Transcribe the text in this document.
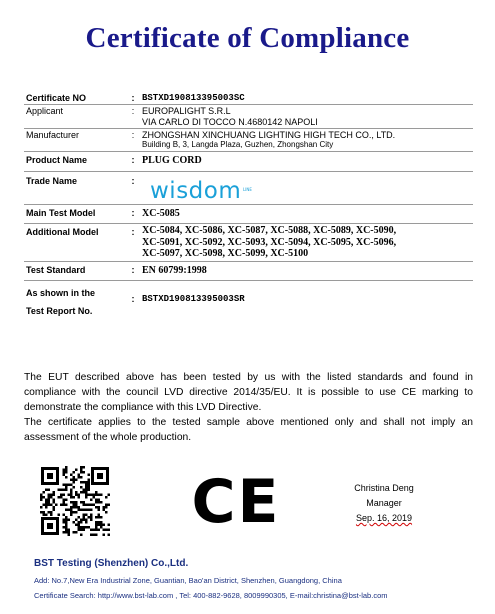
Certificate of Compliance
Certificate NO	:	BSTXD190813395003SC
Applicant	:	EUROPALIGHT S.R.L
VIA CARLO DI TOCCO N.4680142 NAPOLI

Manufacturer	:	ZHONGSHAN XINCHUANG LIGHTING HIGH TECH CO., LTD.
Building B, 3, Langda Plaza, Guzhen, Zhongshan City

Product Name	:	PLUG CORD
Trade Name	:	wisdom LINE

Main Test Model	:	XC-5085
Additional Model	:	XC-5084, XC-5086, XC-5087, XC-5088, XC-5089, XC-5090,
XC-5091, XC-5092, XC-5093, XC-5094, XC-5095, XC-5096,
XC-5097, XC-5098, XC-5099, XC-5100

Test Standard	:	EN 60799:1998

As shown in the
Test Report No.	:	BSTXD190813395003SR
The EUT described above has been tested by us with the listed standards and found in compliance with the council LVD directive 2014/35/EU. It is possible to use CE marking to demonstrate the compliance with this LVD Directive.
The certificate applies to the tested sample above mentioned only and shall not imply an assessment of the whole production.
CE	Christina Deng
Manager
Sep. 16, 2019
BST Testing (Shenzhen) Co.,Ltd.
Add: No.7,New Era Industrial Zone, Guantian, Bao'an District, Shenzhen, Guangdong, China
Certificate Search: http://www.bst-lab.com , Tel: 400-882-9628, 8009990305, E-mail:christina@bst-lab.com
